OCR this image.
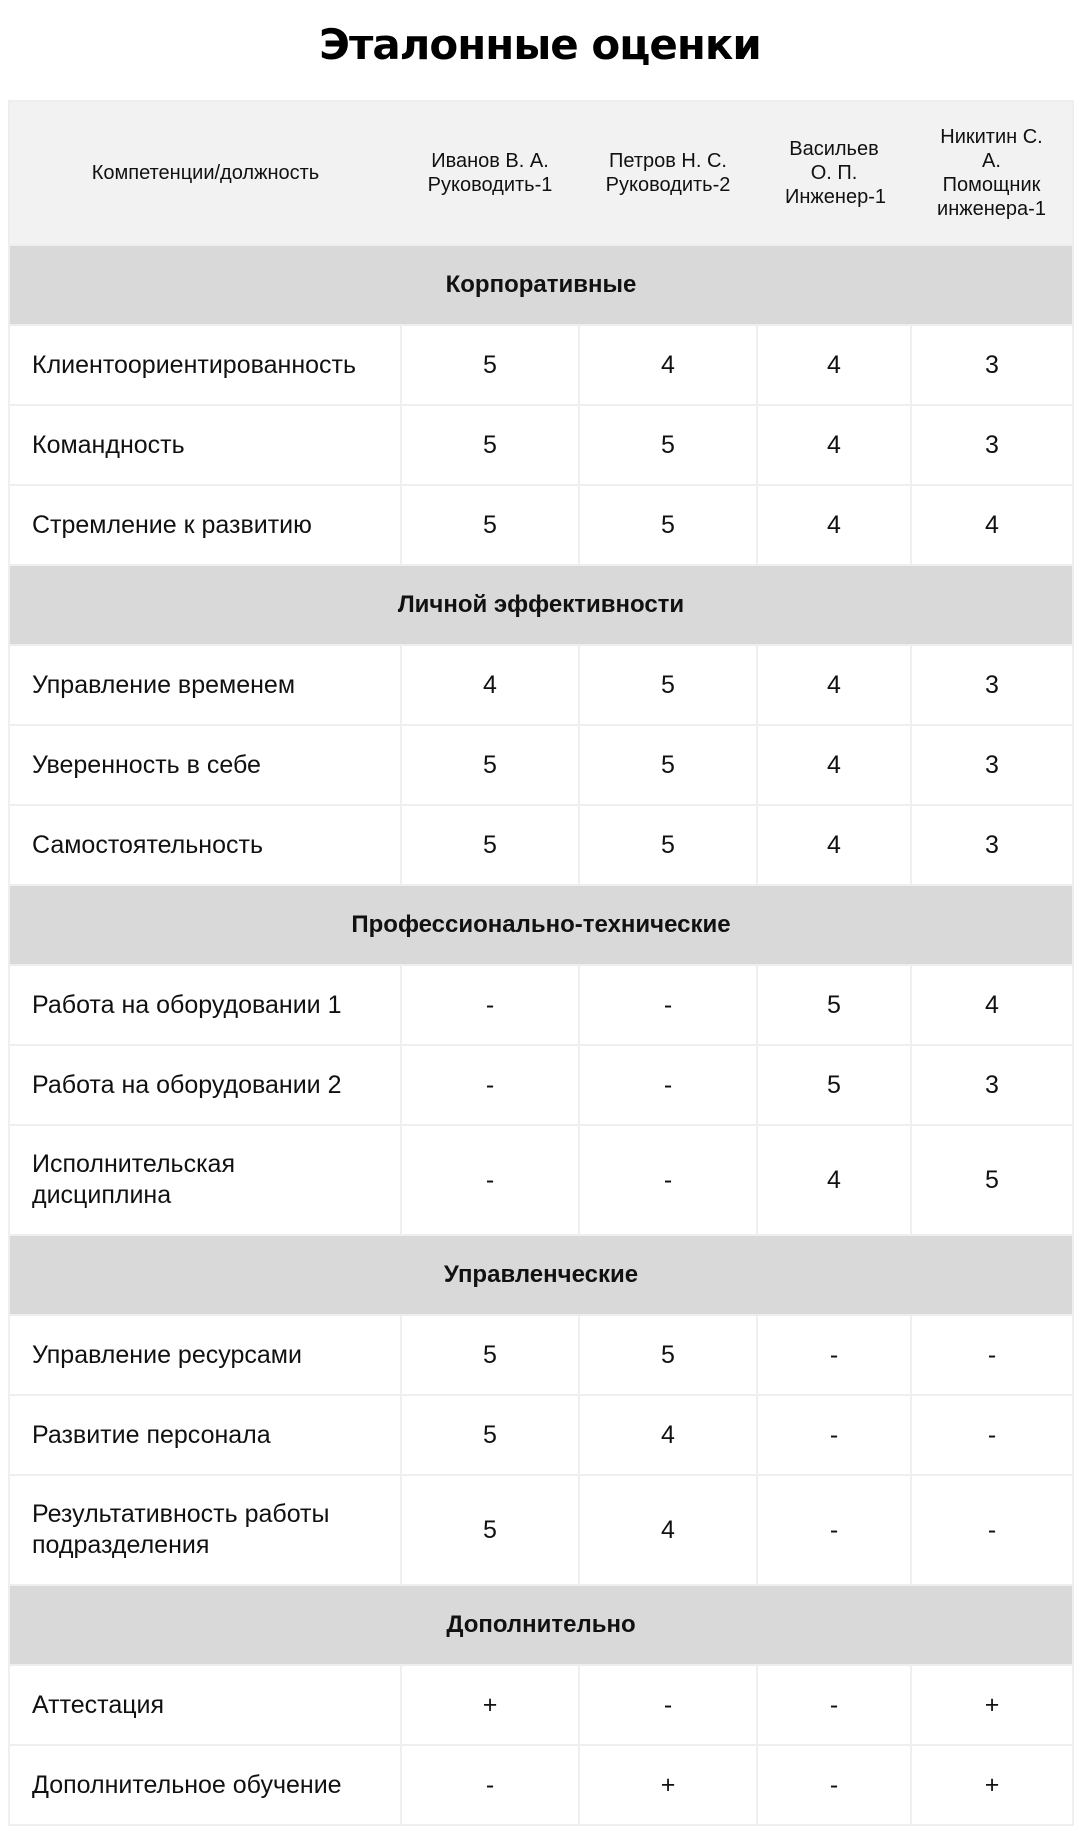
Эталонные оценки
Компетенции/должность	Иванов В. А. Руководить-1	Петров Н. С. Руководить-2	Васильев О. П. Инженер-1	Никитин С. А. Помощник инженера-1
Корпоративные				
Клиентоориентированность	5	4	4	3
Командность	5	5	4	3
Стремление к развитию	5	5	4	4
Личной эффективности				
Управление временем	4	5	4	3
Уверенность в себе	5	5	4	3
Самостоятельность	5	5	4	3
Профессионально-технические				
Работа на оборудовании 1	-	-	5	4
Работа на оборудовании 2	-	-	5	3
Исполнительская дисциплина	-	-	4	5
Управленческие				
Управление ресурсами	5	5	-	-
Развитие персонала	5	4	-	-
Результативность работы подразделения	5	4	-	-
Дополнительно				
Аттестация	+	-	-	+
Дополнительное обучение	-	+	-	+
